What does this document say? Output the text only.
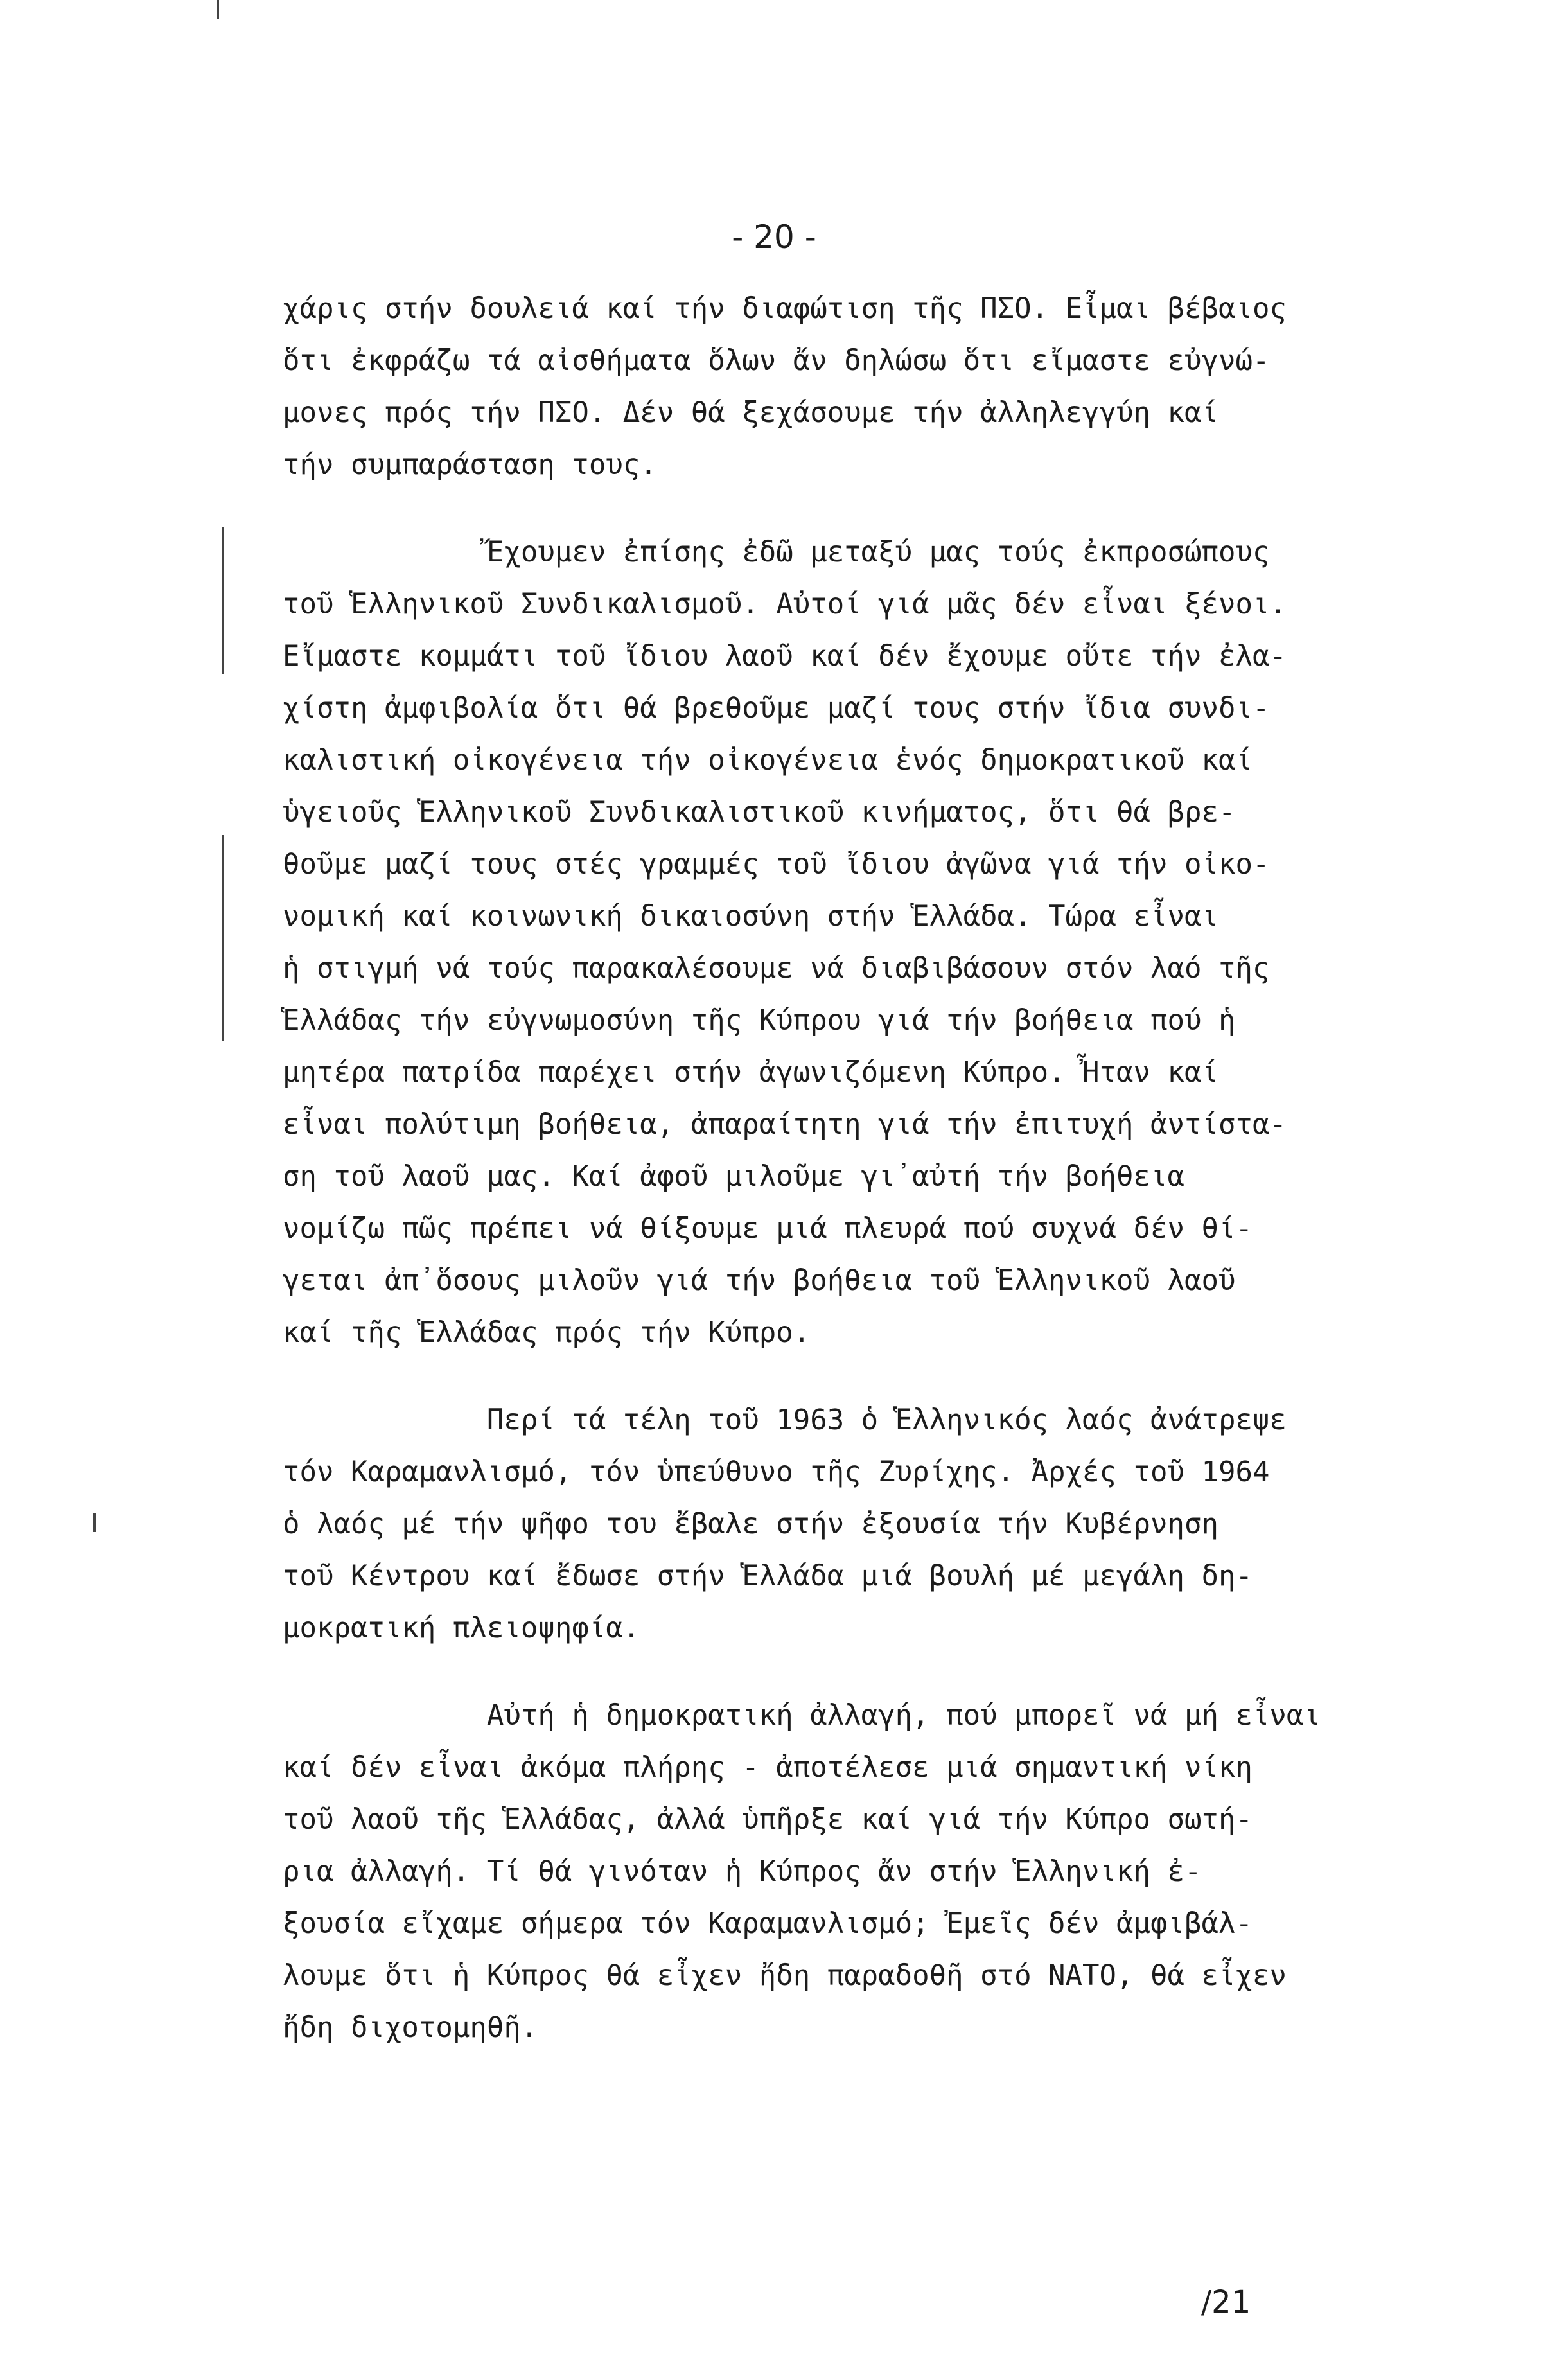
- 20 -

χάρις στήν δουλειά καί τήν διαφώτιση τῆς ΠΣΟ. Εἶμαι βέβαιος
ὅτι ἐκφράζω τά αἰσθήματα ὅλων ἄν δηλώσω ὅτι εἴμαστε εὐγνώ-
μονες πρός τήν ΠΣΟ. Δέν θά ξεχάσουμε τήν ἀλληλεγγύη καί
τήν συμπαράσταση τους.

Ἔχουμεν ἐπίσης ἐδῶ μεταξύ μας τούς ἐκπροσώπους
τοῦ Ἑλληνικοῦ Συνδικαλισμοῦ. Αὐτοί γιά μᾶς δέν εἶναι ξένοι.
Εἴμαστε κομμάτι τοῦ ἴδιου λαοῦ καί δέν ἔχουμε οὔτε τήν ἐλα-
χίστη ἀμφιβολία ὅτι θά βρεθοῦμε μαζί τους στήν ἴδια συνδι-
καλιστική οἰκογένεια τήν οἰκογένεια ἑνός δημοκρατικοῦ καί
ὑγειοῦς Ἑλληνικοῦ Συνδικαλιστικοῦ κινήματος, ὅτι θά βρε-
θοῦμε μαζί τους στές γραμμές τοῦ ἴδιου ἀγῶνα γιά τήν οἰκο-
νομική καί κοινωνική δικαιοσύνη στήν Ἑλλάδα. Τώρα εἶναι
ἡ στιγμή νά τούς παρακαλέσουμε νά διαβιβάσουν στόν λαό τῆς
Ἑλλάδας τήν εὐγνωμοσύνη τῆς Κύπρου γιά τήν βοήθεια πού ἡ
μητέρα πατρίδα παρέχει στήν ἀγωνιζόμενη Κύπρο. Ἦταν καί
εἶναι πολύτιμη βοήθεια, ἀπαραίτητη γιά τήν ἐπιτυχή ἀντίστα-
ση τοῦ λαοῦ μας. Καί ἀφοῦ μιλοῦμε γι᾽αὐτή τήν βοήθεια
νομίζω πῶς πρέπει νά θίξουμε μιά πλευρά πού συχνά δέν θί-
γεται ἀπ᾽ὅσους μιλοῦν γιά τήν βοήθεια τοῦ Ἑλληνικοῦ λαοῦ
καί τῆς Ἑλλάδας πρός τήν Κύπρο.

Περί τά τέλη τοῦ 1963 ὁ Ἑλληνικός λαός ἀνάτρεψε
τόν Καραμανλισμό, τόν ὑπεύθυνο τῆς Ζυρίχης. Ἀρχές τοῦ 1964
ὁ λαός μέ τήν ψῆφο του ἔβαλε στήν ἐξουσία τήν Κυβέρνηση
τοῦ Κέντρου καί ἔδωσε στήν Ἑλλάδα μιά βουλή μέ μεγάλη δη-
μοκρατική πλειοψηφία.

Αὐτή ἡ δημοκρατική ἀλλαγή, πού μπορεῖ νά μή εἶναι
καί δέν εἶναι ἀκόμα πλήρης - ἀποτέλεσε μιά σημαντική νίκη
τοῦ λαοῦ τῆς Ἑλλάδας, ἀλλά ὑπῆρξε καί γιά τήν Κύπρο σωτή-
ρια ἀλλαγή. Τί θά γινόταν ἡ Κύπρος ἄν στήν Ἑλληνική ἐ-
ξουσία εἴχαμε σήμερα τόν Καραμανλισμό; Ἐμεῖς δέν ἀμφιβάλ-
λουμε ὅτι ἡ Κύπρος θά εἶχεν ἤδη παραδοθῆ στό ΝΑΤΟ, θά εἶχεν
ἤδη διχοτομηθῆ.

/21
